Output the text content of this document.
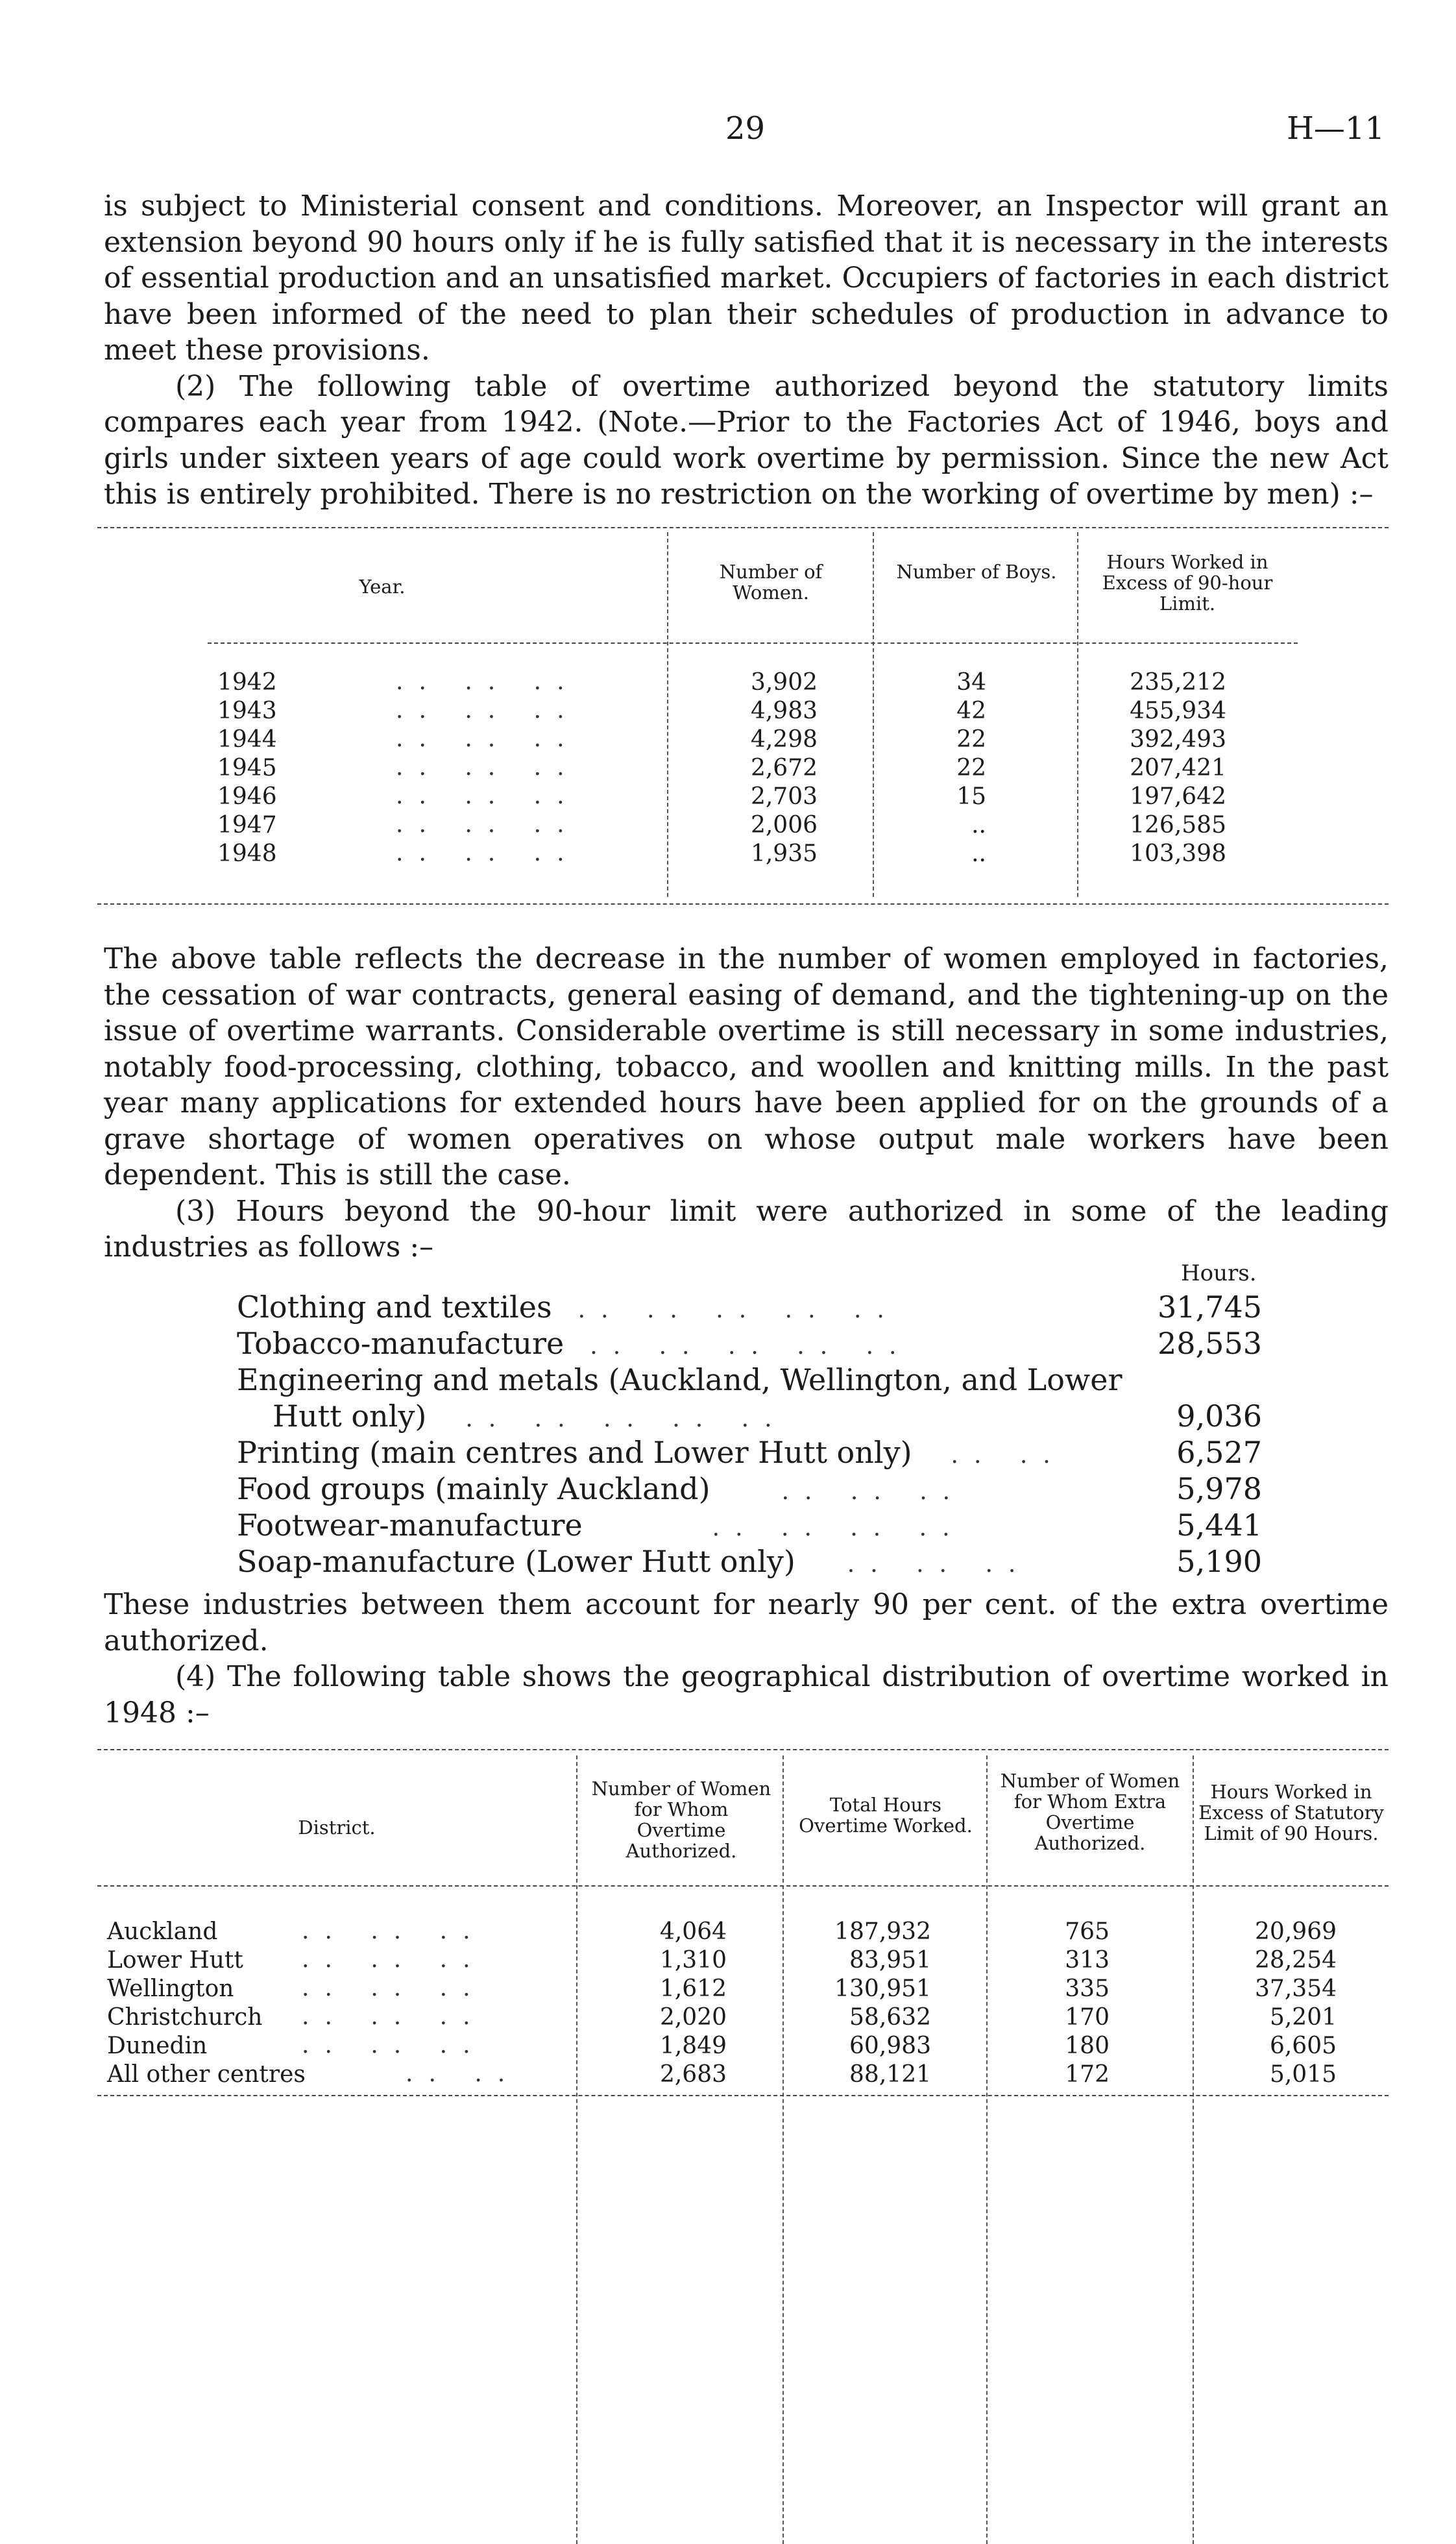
29	H—11

is subject to Ministerial consent and conditions. Moreover, an Inspector will grant an extension beyond 90 hours only if he is fully satisfied that it is necessary in the interests of essential production and an unsatisfied market. Occupiers of factories in each district have been informed of the need to plan their schedules of production in advance to meet these provisions.

(2) The following table of overtime authorized beyond the statutory limits compares each year from 1942. (Note.—Prior to the Factories Act of 1946, boys and girls under sixteen years of age could work overtime by permission. Since the new Act this is entirely prohibited. There is no restriction on the working of overtime by men) :–

Year.
Number of Women.
Number of Boys.	Hours Worked in Excess of 90-hour Limit.
1942	.. .. ..	3,902	34	235,212
1943	.. .. ..	4,983	42	455,934
1944	.. .. ..	4,298	22	392,493
1945	.. .. ..	2,672	22	207,421
1946	.. .. ..	2,703	15	197,642
1947	.. .. ..	2,006	..	126,585
1948	.. .. ..	1,935	..	103,398

The above table reflects the decrease in the number of women employed in factories, the cessation of war contracts, general easing of demand, and the tightening-up on the issue of overtime warrants. Considerable overtime is still necessary in some industries, notably food-processing, clothing, tobacco, and woollen and knitting mills. In the past year many applications for extended hours have been applied for on the grounds of a grave shortage of women operatives on whose output male workers have been dependent. This is still the case.

(3) Hours beyond the 90-hour limit were authorized in some of the leading industries as follows :–

Hours.
Clothing and textiles .. .. .. .. ..	31,745
Tobacco-manufacture .. .. .. .. ..	28,553
Engineering and metals (Auckland, Wellington, and Lower
Hutt only) .. .. .. .. ..	9,036
Printing (main centres and Lower Hutt only) .. ..	6,527
Food groups (mainly Auckland)	.. .. ..	5,978
Footwear-manufacture	.. .. .. ..	5,441
Soap-manufacture (Lower Hutt only) .. .. ..	5,190

These industries between them account for nearly 90 per cent. of the extra overtime authorized.

(4) The following table shows the geographical distribution of overtime worked in 1948 :–

District.
Number of Women for Whom Overtime Authorized.
Total Hours Overtime Worked.
Number of Women for Whom Extra Overtime Authorized.
Hours Worked in Excess of Statutory Limit of 90 Hours.
Auckland	.. .. ..	4,064	187,932	765	20,969
Lower Hutt	.. .. ..	1,310	83,951	313	28,254
Wellington	.. .. ..	1,612	130,951	335	37,354
Christchurch .. .. ..	2,020	58,632	170	5,201
Dunedin	.. .. ..	1,849	60,983	180	6,605
All other centres	.. ..	2,683	88,121	172	5,015
